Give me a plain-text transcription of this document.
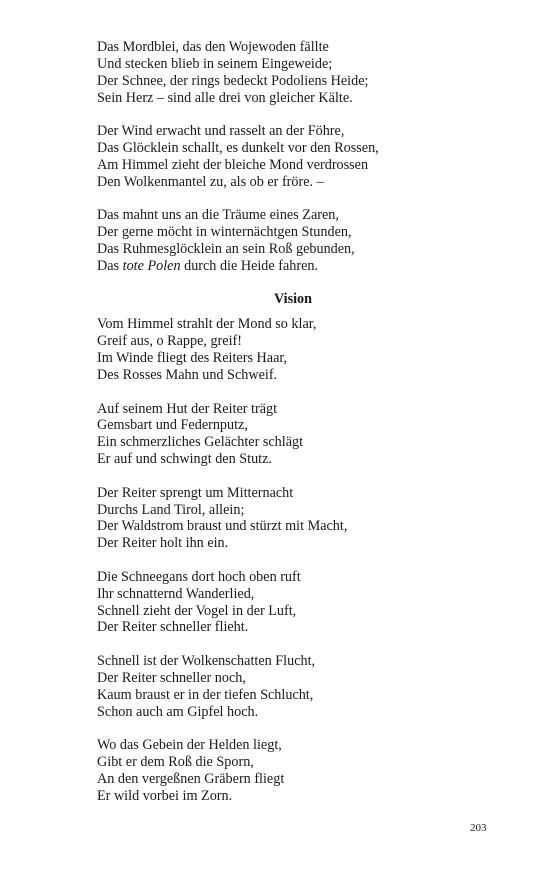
Das Mordblei, das den Wojewoden fällte
Und stecken blieb in seinem Eingeweide;
Der Schnee, der rings bedeckt Podoliens Heide;
Sein Herz – sind alle drei von gleicher Kälte.
Der Wind erwacht und rasselt an der Föhre,
Das Glöcklein schallt, es dunkelt vor den Rossen,
Am Himmel zieht der bleiche Mond verdrossen
Den Wolkenmantel zu, als ob er fröre. –
Das mahnt uns an die Träume eines Zaren,
Der gerne möcht in winternächtgen Stunden,
Das Ruhmesglöcklein an sein Roß gebunden,
Das tote Polen durch die Heide fahren.
Vision
Vom Himmel strahlt der Mond so klar,
Greif aus, o Rappe, greif!
Im Winde fliegt des Reiters Haar,
Des Rosses Mahn und Schweif.
Auf seinem Hut der Reiter trägt
Gemsbart und Federnputz,
Ein schmerzliches Gelächter schlägt
Er auf und schwingt den Stutz.
Der Reiter sprengt um Mitternacht
Durchs Land Tirol, allein;
Der Waldstrom braust und stürzt mit Macht,
Der Reiter holt ihn ein.
Die Schneegans dort hoch oben ruft
Ihr schnatternd Wanderlied,
Schnell zieht der Vogel in der Luft,
Der Reiter schneller flieht.
Schnell ist der Wolkenschatten Flucht,
Der Reiter schneller noch,
Kaum braust er in der tiefen Schlucht,
Schon auch am Gipfel hoch.
Wo das Gebein der Helden liegt,
Gibt er dem Roß die Sporn,
An den vergeßnen Gräbern fliegt
Er wild vorbei im Zorn.
203
